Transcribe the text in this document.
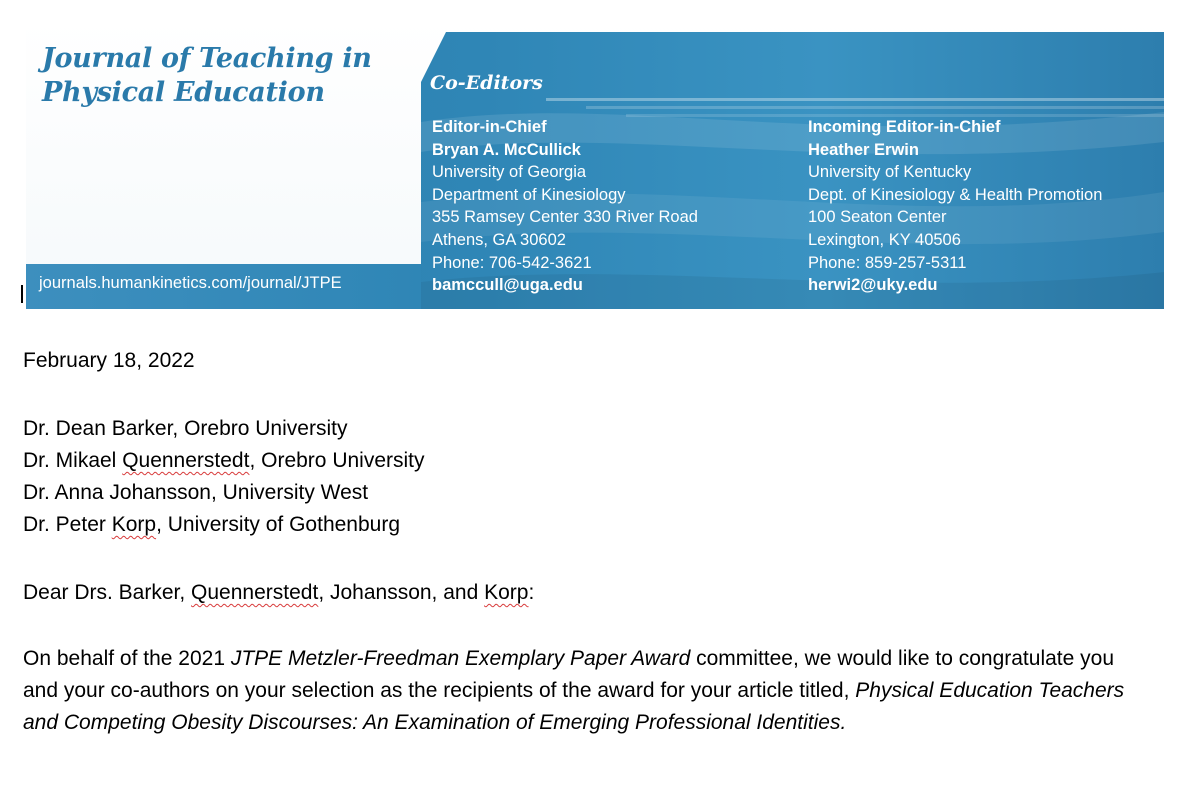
Journal of Teaching in
Physical Education
journals.humankinetics.com/journal/JTPE
Co-Editors
Editor-in-Chief
Bryan A. McCullick
University of Georgia
Department of Kinesiology
355 Ramsey Center 330 River Road
Athens, GA 30602
Phone: 706-542-3621
bamccull@uga.edu
Incoming Editor-in-Chief
Heather Erwin
University of Kentucky
Dept. of Kinesiology & Health Promotion
100 Seaton Center
Lexington, KY 40506
Phone: 859-257-5311
herwi2@uky.edu
February 18, 2022
Dr. Dean Barker, Orebro University
Dr. Mikael Quennerstedt, Orebro University
Dr. Anna Johansson, University West
Dr. Peter Korp, University of Gothenburg
Dear Drs. Barker, Quennerstedt, Johansson, and Korp:
On behalf of the 2021 JTPE Metzler-Freedman Exemplary Paper Award committee, we would like to congratulate you and your co-authors on your selection as the recipients of the award for your article titled, Physical Education Teachers and Competing Obesity Discourses: An Examination of Emerging Professional Identities.
